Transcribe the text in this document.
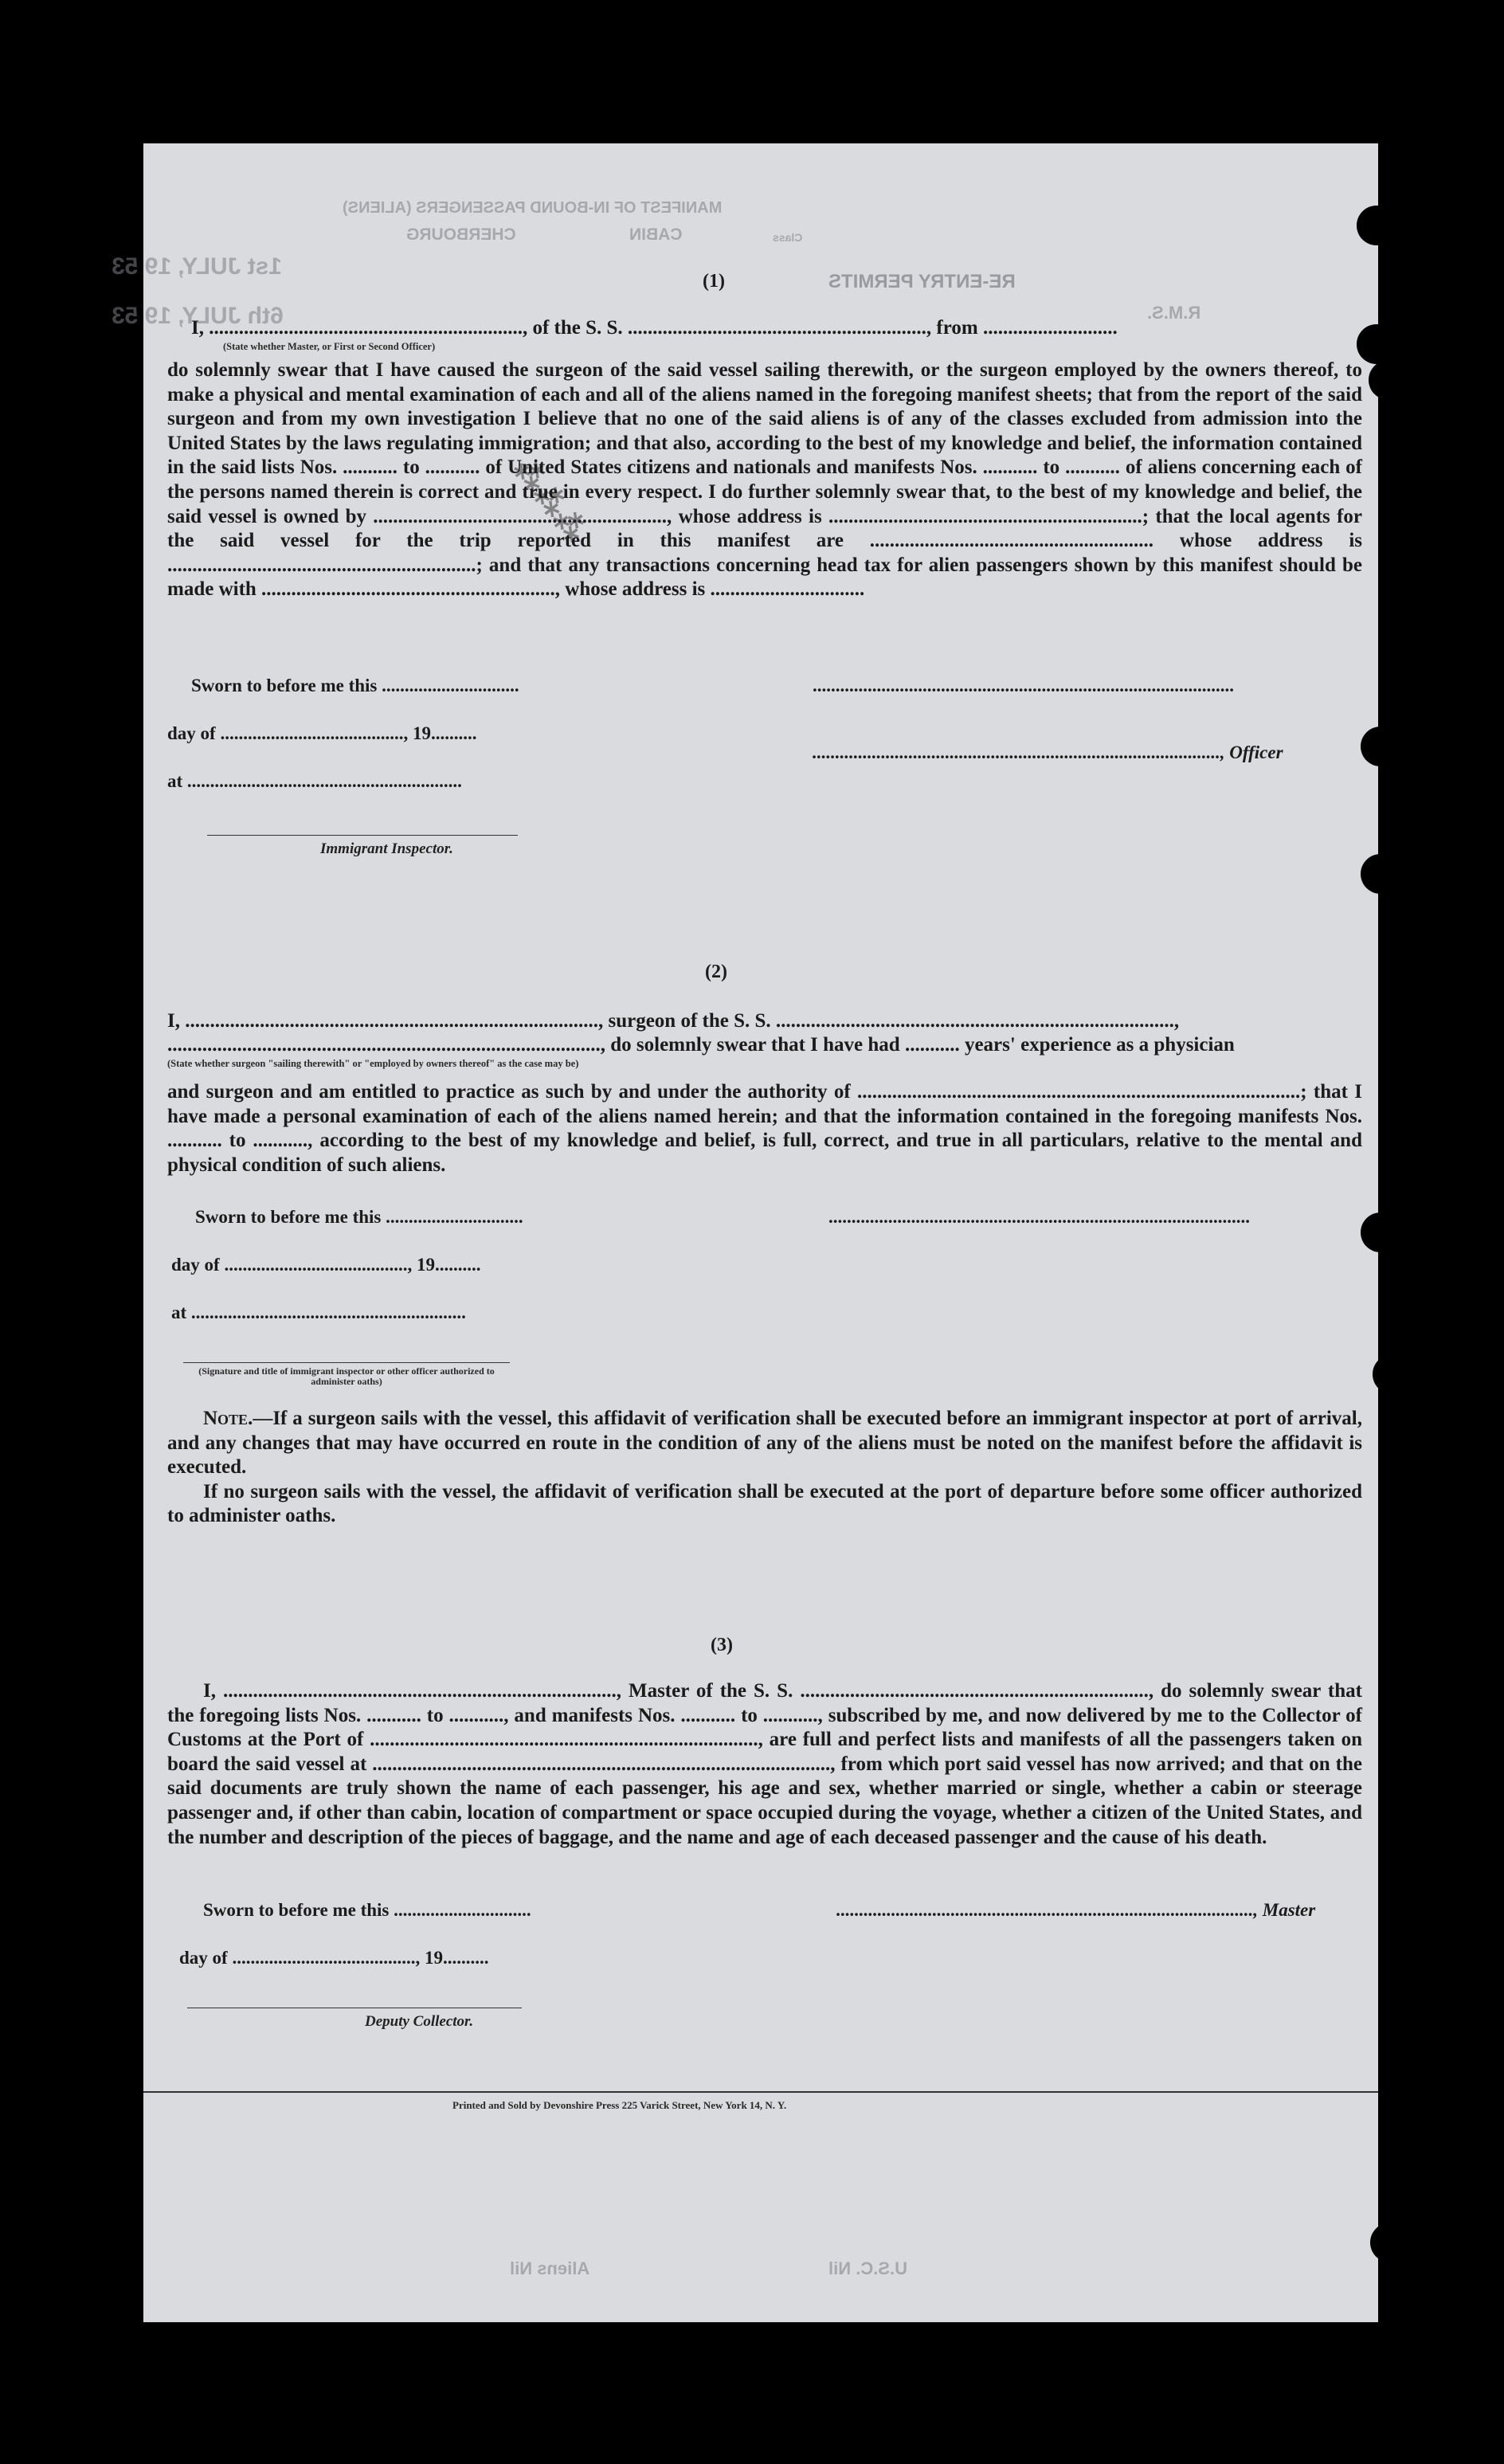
MANIFEST OF IN-BOUND PASSENGERS (ALIENS)
CHERBOURG	CABIN	Class
1st JULY, 19 53
6th JULY, 19 53
RE-ENTRY PERMITS
R.M.S.
⁂⁂⁂
(1)
I, ..............................................................., of the S. S. ............................................................, from ...........................
(State whether Master, or First or Second Officer)

do solemnly swear that I have caused the surgeon of the said vessel sailing therewith, or the surgeon employed by the owners thereof, to make a physical and mental examination of each and all of the aliens named in the foregoing manifest sheets; that from the report of the said surgeon and from my own investigation I believe that no one of the said aliens is of any of the classes excluded from admission into the United States by the laws regulating immigration; and that also, according to the best of my knowledge and belief, the information contained in the said lists Nos. ........... to ........... of United States citizens and nationals and manifests Nos. ........... to ........... of aliens concerning each of the persons named therein is correct and true in every respect. I do further solemnly swear that, to the best of my knowledge and belief, the said vessel is owned by ..........................................................., whose address is ...............................................................; that the local agents for the said vessel for the trip reported in this manifest are ......................................................... whose address is ..............................................................; and that any transactions concerning head tax for alien passengers shown by this manifest should be made with ..........................................................., whose address is ...............................

Sworn to before me this ..............................
day of ........................................, 19..........
at ............................................................
Immigrant Inspector.
............................................................................................
........................................................................................., Officer
(2)
I, ..................................................................................., surgeon of the S. S. ................................................................................,
......................................................................................., do solemnly swear that I have had ........... years' experience as a physician
(State whether surgeon "sailing therewith" or "employed by owners thereof" as the case may be)

and surgeon and am entitled to practice as such by and under the authority of .........................................................................................; that I have made a personal examination of each of the aliens named herein; and that the information contained in the foregoing manifests Nos. ........... to ..........., according to the best of my knowledge and belief, is full, correct, and true in all particulars, relative to the mental and physical condition of such aliens.

Sworn to before me this ..............................
day of ........................................, 19..........
at ............................................................
............................................................................................
(Signature and title of immigrant inspector or other officer authorized to administer oaths)

Note.—If a surgeon sails with the vessel, this affidavit of verification shall be executed before an immigrant inspector at port of arrival, and any changes that may have occurred en route in the condition of any of the aliens must be noted on the manifest before the affidavit is executed.

If no surgeon sails with the vessel, the affidavit of verification shall be executed at the port of departure before some officer authorized to administer oaths.

(3)

I, ..............................................................................., Master of the S. S. ......................................................................, do solemnly swear that the foregoing lists Nos. ........... to ..........., and manifests Nos. ........... to ..........., subscribed by me, and now delivered by me to the Collector of Customs at the Port of .............................................................................., are full and perfect lists and manifests of all the passengers taken on board the said vessel at ............................................................................................, from which port said vessel has now arrived; and that on the said documents are truly shown the name of each passenger, his age and sex, whether married or single, whether a cabin or steerage passenger and, if other than cabin, location of compartment or space occupied during the voyage, whether a citizen of the United States, and the number and description of the pieces of baggage, and the name and age of each deceased passenger and the cause of his death.

Sworn to before me this ..............................
day of ........................................, 19..........
..........................................................................................., Master
Deputy Collector.
Printed and Sold by Devonshire Press 225 Varick Street, New York 14, N. Y.
Aliens Nil	U.S.C. Nil
